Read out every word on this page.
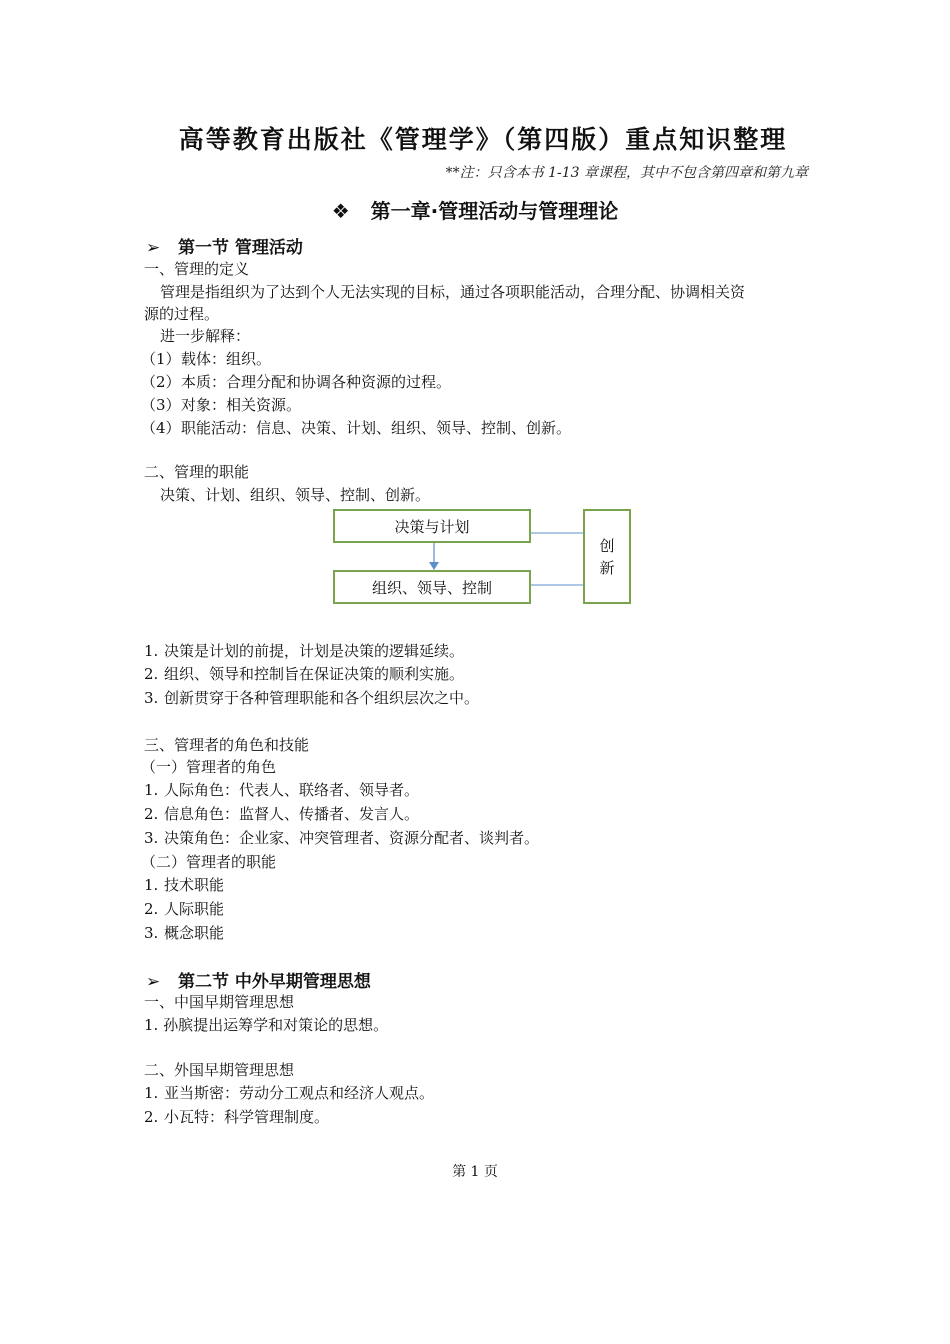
高等教育出版社《管理学》（第四版）重点知识整理
**注：只含本书 1-13 章课程，其中不包含第四章和第九章
❖ 第一章·管理活动与管理理论
➢ 第一节 管理活动
一、管理的定义
管理是指组织为了达到个人无法实现的目标，通过各项职能活动，合理分配、协调相关资
源的过程。
进一步解释：
（1）载体：组织。
（2）本质：合理分配和协调各种资源的过程。
（3）对象：相关资源。
（4）职能活动：信息、决策、计划、组织、领导、控制、创新。
二、管理的职能
决策、计划、组织、领导、控制、创新。
决策与计划
组织、领导、控制
创
新
1. 决策是计划的前提，计划是决策的逻辑延续。
2. 组织、领导和控制旨在保证决策的顺利实施。
3. 创新贯穿于各种管理职能和各个组织层次之中。
三、管理者的角色和技能
（一）管理者的角色
1. 人际角色：代表人、联络者、领导者。
2. 信息角色：监督人、传播者、发言人。
3. 决策角色：企业家、冲突管理者、资源分配者、谈判者。
（二）管理者的职能
1. 技术职能
2. 人际职能
3. 概念职能
➢ 第二节 中外早期管理思想
一、中国早期管理思想
1. 孙膑提出运筹学和对策论的思想。
二、外国早期管理思想
1. 亚当斯密：劳动分工观点和经济人观点。
2. 小瓦特：科学管理制度。
第 1 页
